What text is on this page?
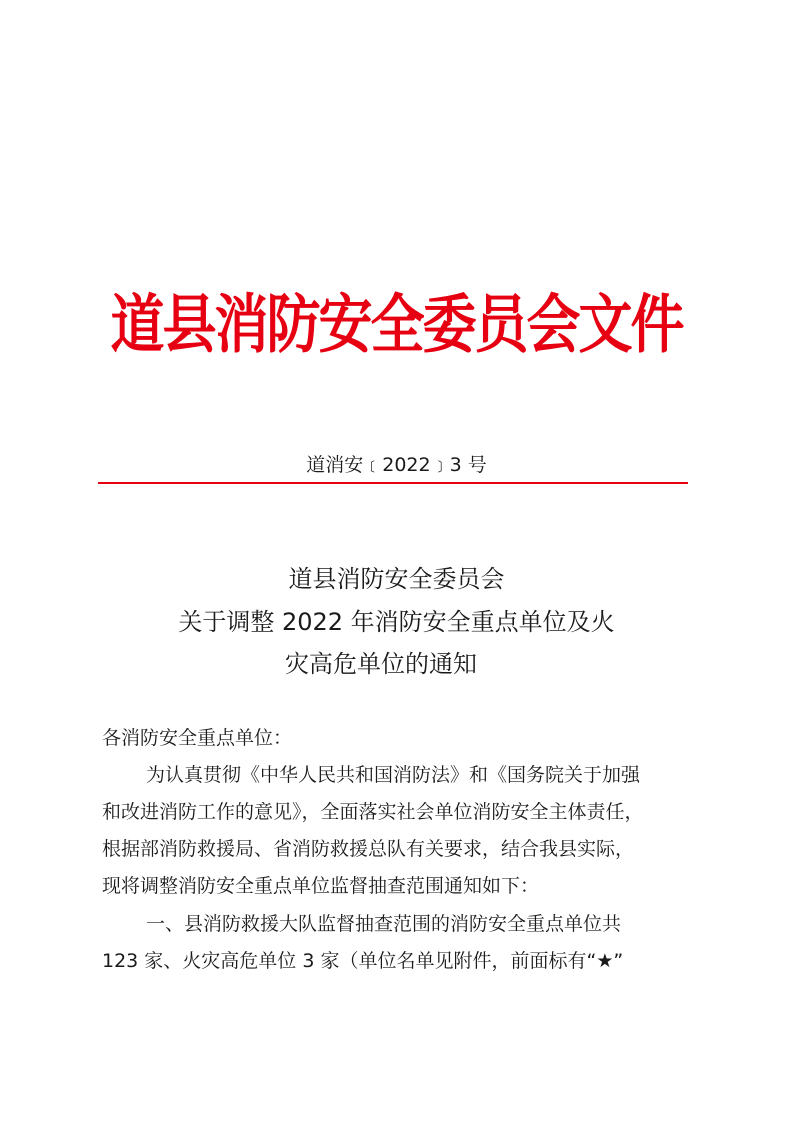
道县消防安全委员会文件
道消安﹝2022﹞3 号
道县消防安全委员会
关于调整 2022 年消防安全重点单位及火
灾高危单位的通知
各消防安全重点单位：
为认真贯彻《中华人民共和国消防法》和《国务院关于加强
和改进消防工作的意见》，全面落实社会单位消防安全主体责任，
根据部消防救援局、省消防救援总队有关要求，结合我县实际，
现将调整消防安全重点单位监督抽查范围通知如下：
一、县消防救援大队监督抽查范围的消防安全重点单位共
123 家、火灾高危单位 3 家（单位名单见附件，前面标有“★”
